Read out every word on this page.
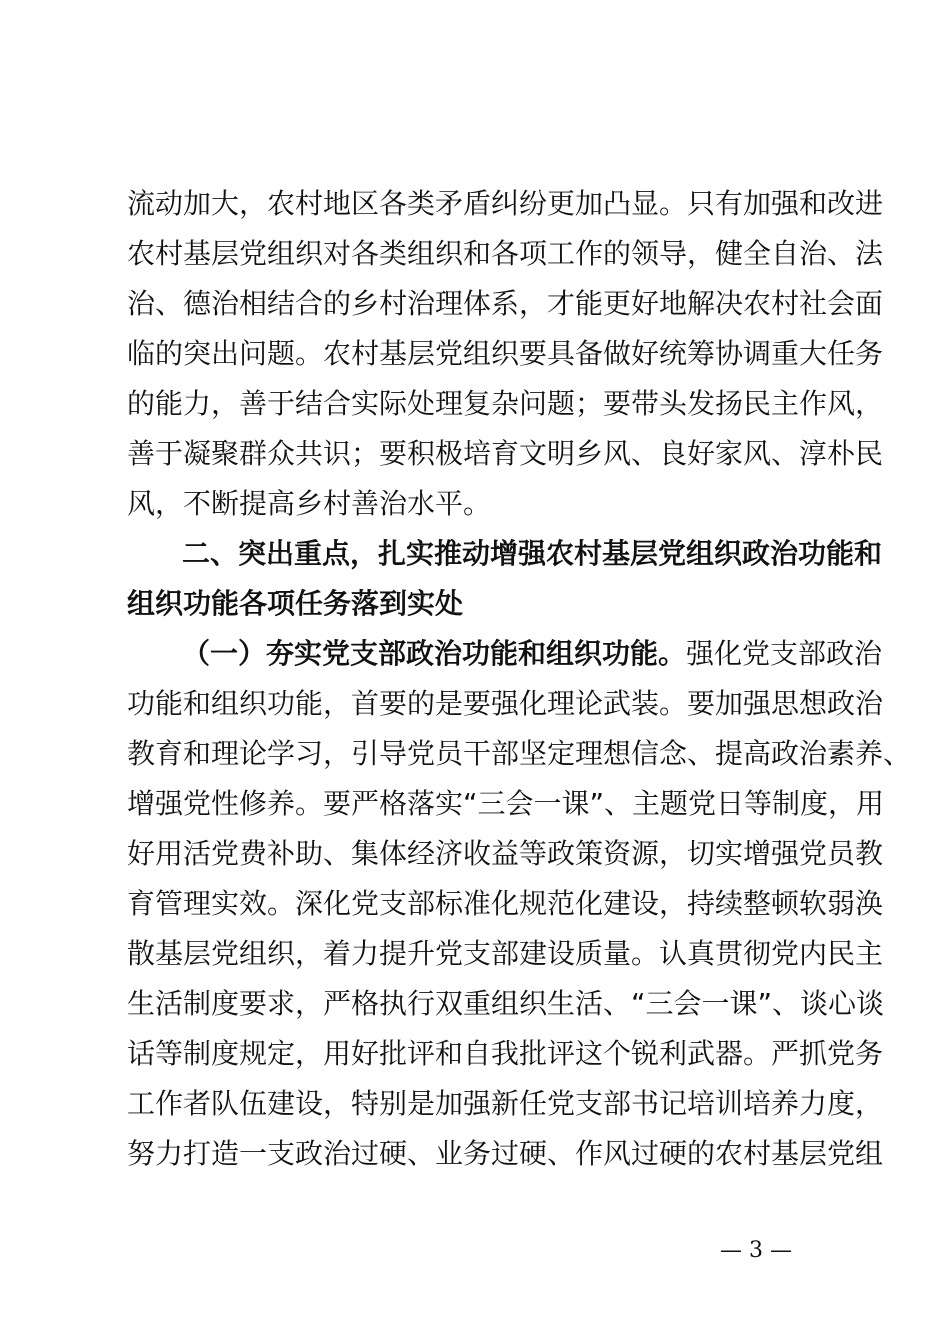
流动加大，农村地区各类矛盾纠纷更加凸显。只有加强和改进
农村基层党组织对各类组织和各项工作的领导，健全自治、法
治、德治相结合的乡村治理体系，才能更好地解决农村社会面
临的突出问题。农村基层党组织要具备做好统筹协调重大任务
的能力，善于结合实际处理复杂问题；要带头发扬民主作风，
善于凝聚群众共识；要积极培育文明乡风、良好家风、淳朴民
风，不断提高乡村善治水平。
二、突出重点，扎实推动增强农村基层党组织政治功能和
组织功能各项任务落到实处
（一）夯实党支部政治功能和组织功能。强化党支部政治
功能和组织功能，首要的是要强化理论武装。要加强思想政治
教育和理论学习，引导党员干部坚定理想信念、提高政治素养、
增强党性修养。要严格落实“三会一课”、主题党日等制度，用
好用活党费补助、集体经济收益等政策资源，切实增强党员教
育管理实效。深化党支部标准化规范化建设，持续整顿软弱涣
散基层党组织，着力提升党支部建设质量。认真贯彻党内民主
生活制度要求，严格执行双重组织生活、“三会一课”、谈心谈
话等制度规定，用好批评和自我批评这个锐利武器。严抓党务
工作者队伍建设，特别是加强新任党支部书记培训培养力度，
努力打造一支政治过硬、业务过硬、作风过硬的农村基层党组
— 3 —
